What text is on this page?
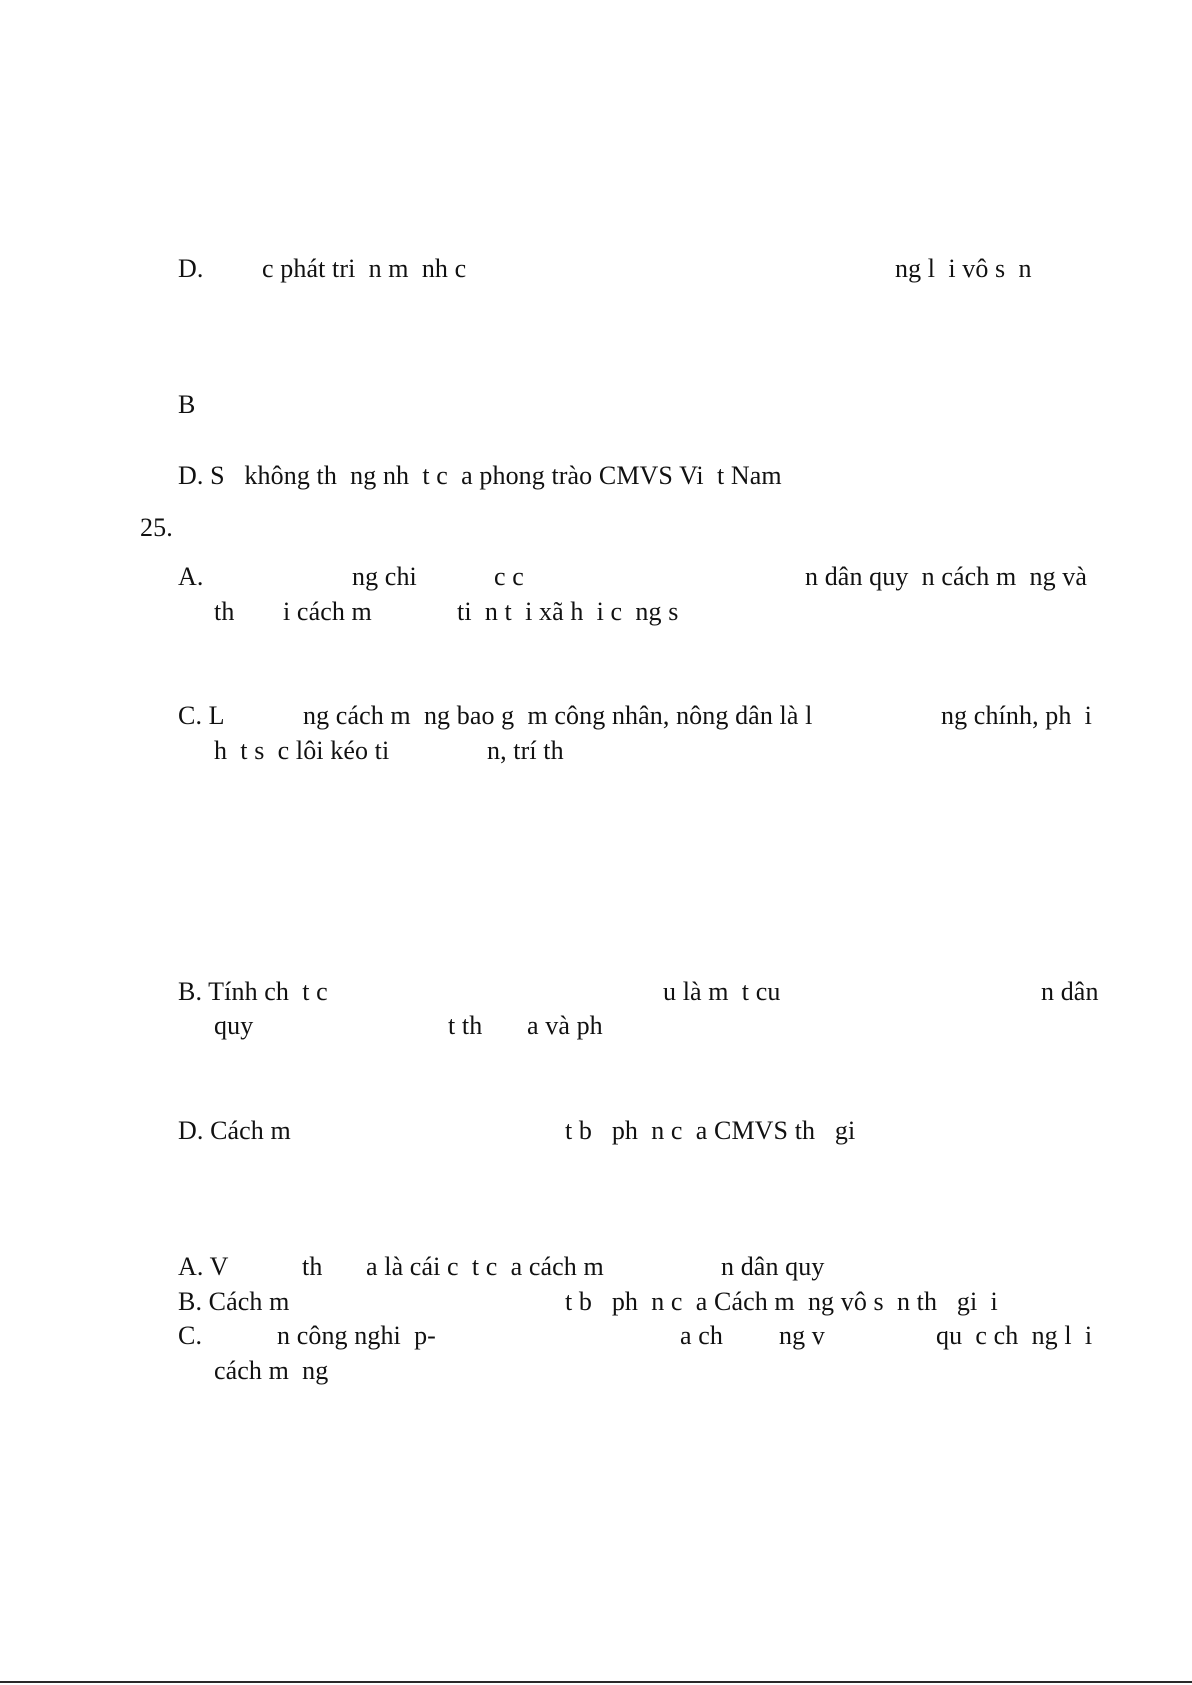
D. c phát tri  n m  nh c	ng l  i vô s  n
B
D. S   không th  ng nh  t c  a phong trào CMVS Vi  t Nam
25.
A.	ng chi	c c	n dân quy  n cách m  ng và
th i cách m	ti  n t  i xã h  i c  ng s
C. L	ng cách m  ng bao g  m công nhân, nông dân là l	ng chính, ph  i
h  t s  c lôi kéo ti	n, trí th
B. Tính ch  t c	u là m  t cu	n dân
quy	t th a và ph
D. Cách m	t b   ph  n c  a CMVS th   gi
A. V	th a là cái c  t c  a cách m	n dân quy
B. Cách m	t b   ph  n c  a Cách m  ng vô s  n th   gi  i
C.	n công nghi  p-	a ch ng v	qu  c ch  ng l  i
cách m  ng
